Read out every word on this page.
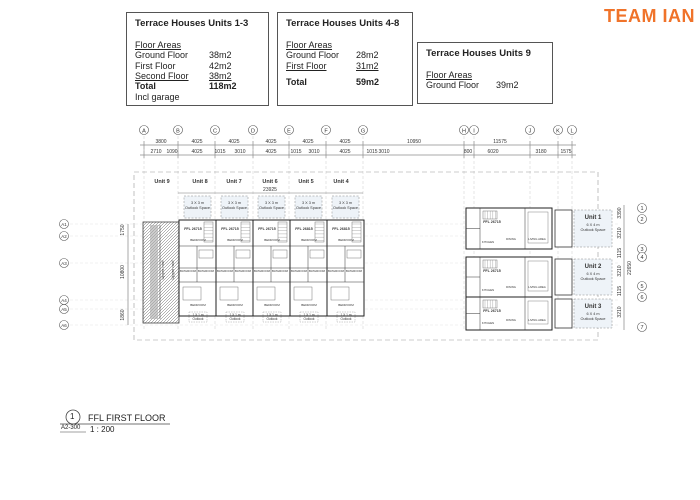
TEAM IAN
Terrace Houses Units 1-3
Floor Areas
Ground Floor	38m2
First Floor	42m2
Second Floor	38m2
Total	118m2
Incl garage
Terrace Houses Units 4-8
Floor Areas
Ground Floor	28m2
First Floor	31m2
Total	59m2
Terrace Houses Units 9
Floor Areas
Ground Floor	39m2
A	B	C	D	E	F	G	H I	J	K L
3800	4025	4025	4025	4025	4025	10950	11575
2710 1090	4025 1015 3010	4025	1015 3010	4025	1015 3010	800	6020	3180	1575
A1
A2
A3
A4
A5
A6
1750
10800
1860
1
2
3
4
5
6
7
3390
3210
1115
3210
1115
3210
22650
23925
Upper roof Upper roof
Unit 9	Unit 8	Unit 7	Unit 6	Unit 5	Unit 4
3 X 3 m
Outlook Space
FFL 26715
BEDROOM
BATHROOM BATHROOM
BEDROOM
1 X 1 m
Outlook
3 X 3 m
Outlook Space
FFL 26715
BEDROOM
BATHROOM BATHROOM
BEDROOM
1 X 1 m
Outlook
3 X 3 m
Outlook Space
FFL 26715
BEDROOM
BATHROOM BATHROOM
BEDROOM
1 X 1 m
Outlook
3 X 3 m
Outlook Space
FFL 26815
BEDROOM
BATHROOM BATHROOM
BEDROOM
1 X 1 m
Outlook
3 X 3 m
Outlook Space
FFL 26815
BEDROOM
BATHROOM BATHROOM
BEDROOM
1 X 1 m
Outlook
Unit 1
6 X 4 m
Outlook Space
FFL 26715
KITCHEN
DINING	LIVING AREA
Unit 2
6 X 4 m
Outlook Space
FFL 26715
KITCHEN
DINING	LIVING AREA
Unit 3
6 X 4 m
Outlook Space
FFL 26715
KITCHEN
DINING	LIVING AREA
1 FFL FIRST FLOOR
A2-300 1 : 200
